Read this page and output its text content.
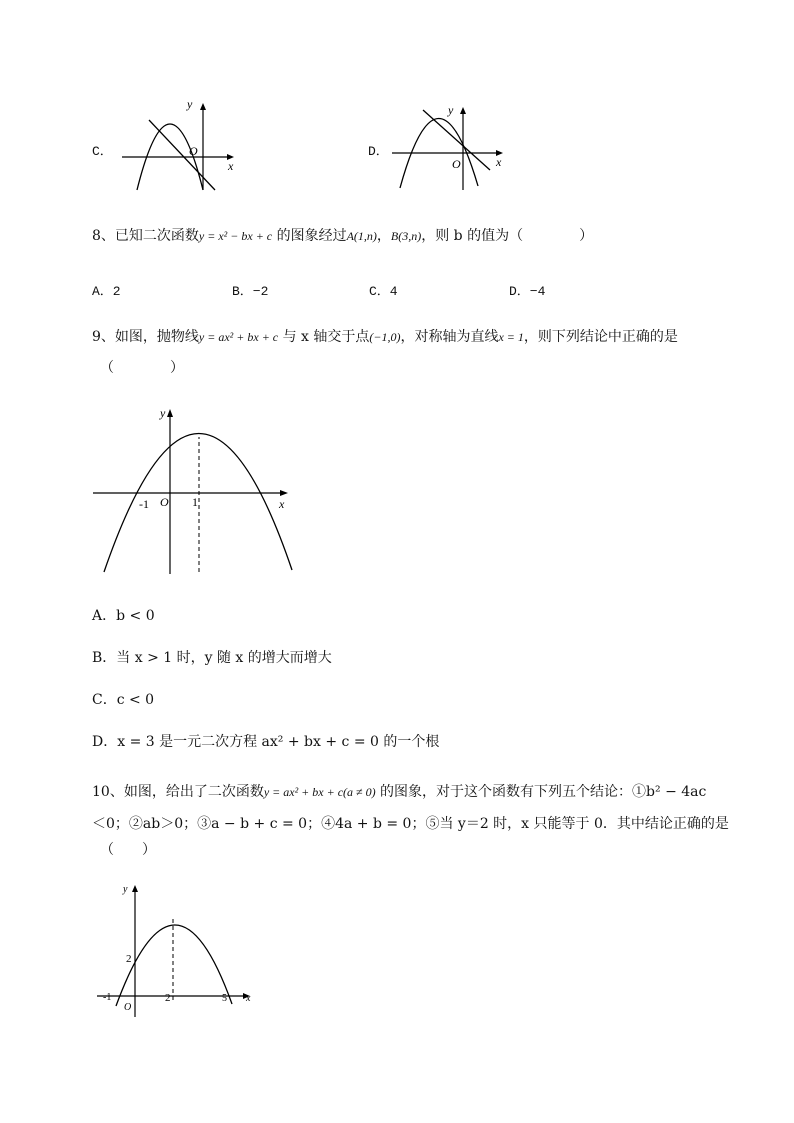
C．
y
x
O	D．
y
x
O
8、已知二次函数y = x² − bx + c 的图象经过A(1,n)，B(3,n)，则 b 的值为（　　　　）
A．2	B．−2	C．4	D．−4
9、如图，抛物线y = ax² + bx + c 与 x 轴交于点(−1,0)，对称轴为直线x = 1，则下列结论中正确的是
（　　　　）
y
x
O
-1	1
A．b < 0
B．当 x > 1 时，y 随 x 的增大而增大
C．c < 0
D．x = 3 是一元二次方程 ax² + bx + c = 0 的一个根
10、如图，给出了二次函数y = ax² + bx + c(a ≠ 0) 的图象，对于这个函数有下列五个结论：①b² − 4ac
＜0；②ab＞0；③a − b + c = 0；④4a + b = 0；⑤当 y＝2 时，x 只能等于 0．其中结论正确的是
（　　）
y
x
O
2
-1	2	5
